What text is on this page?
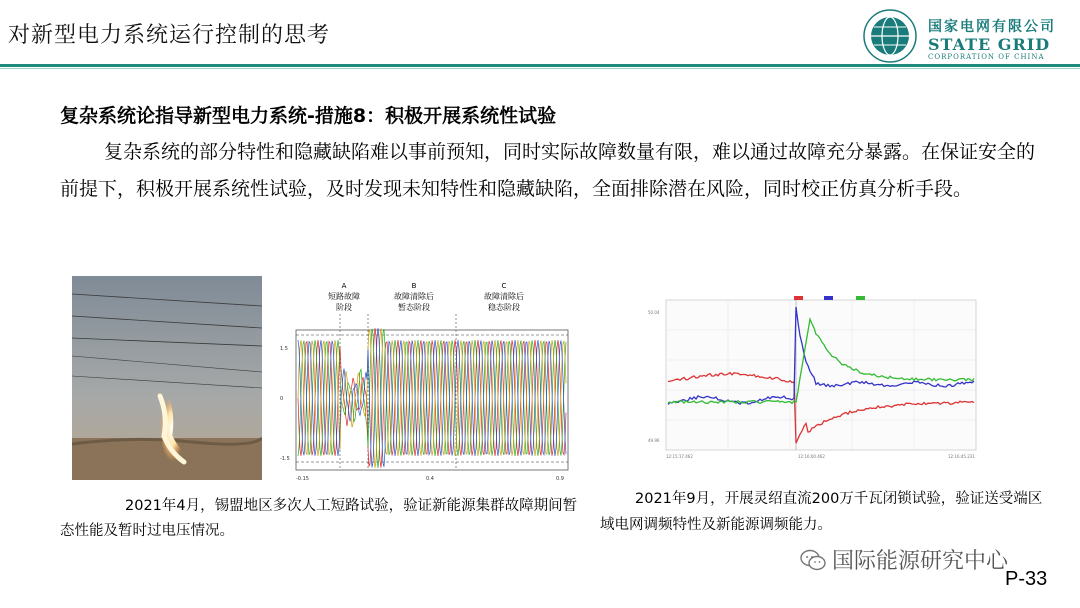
对新型电力系统运行控制的思考	国家电网有限公司
STATE GRID
CORPORATION OF CHINA
复杂系统论指导新型电力系统-措施8：积极开展系统性试验
复杂系统的部分特性和隐藏缺陷难以事前预知，同时实际故障数量有限，难以通过故障充分暴露。在保证安全的前提下，积极开展系统性试验，及时发现未知特性和隐藏缺陷，全面排除潜在风险，同时校正仿真分析手段。
A
短路故障
阶段
B
故障清除后
暂态阶段
C
故障清除后
稳态阶段
1.5
0
-1.5
-0.15	0.4	0.9
50.04
49.96
12:15:17.462	12:16:00.462	12:16:45.231
2021年4月，锡盟地区多次人工短路试验，验证新能源集群故障期间暂态性能及暂时过电压情况。
2021年9月，开展灵绍直流200万千瓦闭锁试验，验证送受端区域电网调频特性及新能源调频能力。
国际能源研究中心
P-33
